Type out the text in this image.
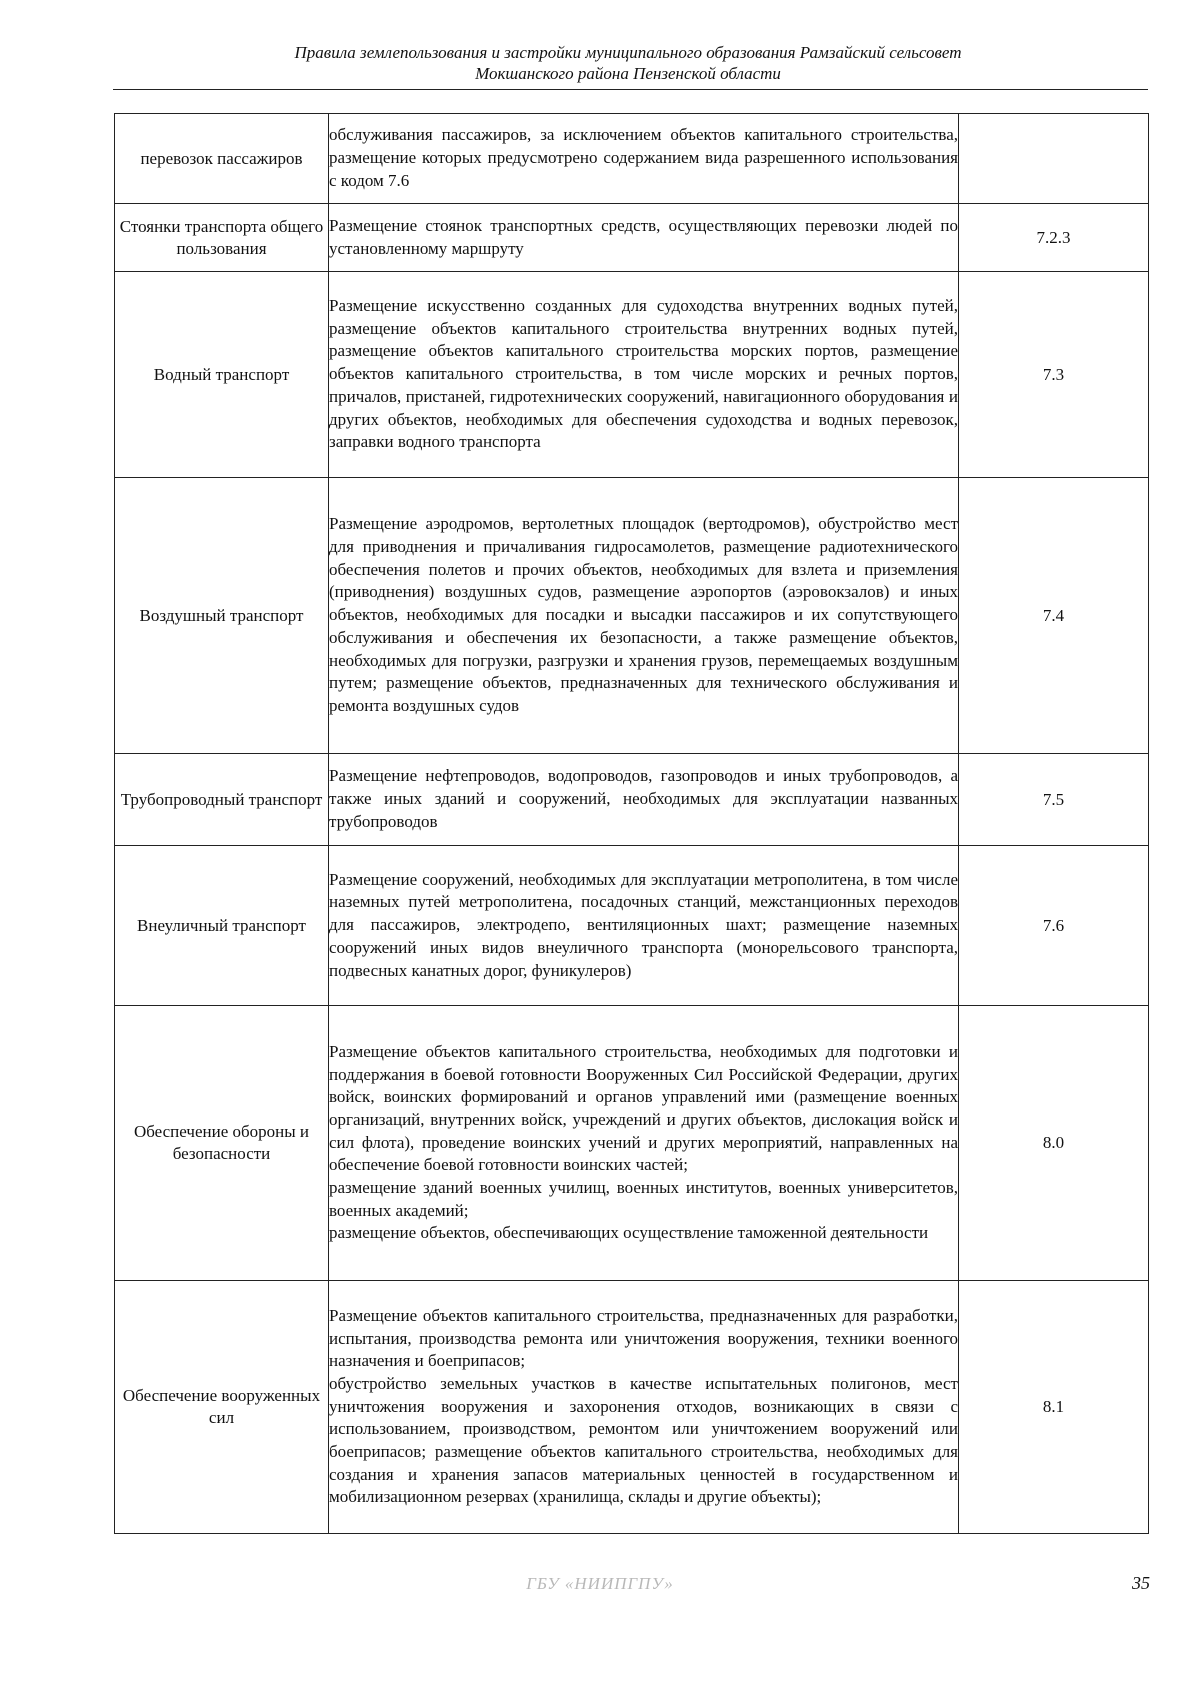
Правила землепользования и застройки муниципального образования Рамзайский сельсовет
Мокшанского района Пензенской области
перевозок пассажиров	обслуживания пассажиров, за исключением объектов капитального строительства, размещение которых предусмотрено содержанием вида разрешенного использования с кодом 7.6	

Стоянки транспорта общего пользования	Размещение стоянок транспортных средств, осуществляющих перевозки людей по установленному маршруту	7.2.3
Водный транспорт	Размещение искусственно созданных для судоходства внутренних водных путей, размещение объектов капитального строительства внутренних водных путей, размещение объектов капитального строительства морских портов, размещение объектов капитального строительства, в том числе морских и речных портов, причалов, пристаней, гидротехнических сооружений, навигационного оборудования и других объектов, необходимых для обеспечения судоходства и водных перевозок, заправки водного транспорта	7.3
Воздушный транспорт	Размещение аэродромов, вертолетных площадок (вертодромов), обустройство мест для приводнения и причаливания гидросамолетов, размещение радиотехнического обеспечения полетов и прочих объектов, необходимых для взлета и приземления (приводнения) воздушных судов, размещение аэропортов (аэровокзалов) и иных объектов, необходимых для посадки и высадки пассажиров и их сопутствующего обслуживания и обеспечения их безопасности, а также размещение объектов, необходимых для погрузки, разгрузки и хранения грузов, перемещаемых воздушным путем; размещение объектов, предназначенных для технического обслуживания и ремонта воздушных судов	7.4
Трубопроводный транспорт	Размещение нефтепроводов, водопроводов, газопроводов и иных трубопроводов, а также иных зданий и сооружений, необходимых для эксплуатации названных трубопроводов	7.5
Внеуличный транспорт	Размещение сооружений, необходимых для эксплуатации метрополитена, в том числе наземных путей метрополитена, посадочных станций, межстанционных переходов для пассажиров, электродепо, вентиляционных шахт; размещение наземных сооружений иных видов внеуличного транспорта (монорельсового транспорта, подвесных канатных дорог, фуникулеров)	7.6
Обеспечение обороны и безопасности	Размещение объектов капитального строительства, необходимых для подготовки и поддержания в боевой готовности Вооруженных Сил Российской Федерации, других войск, воинских формирований и органов управлений ими (размещение военных организаций, внутренних войск, учреждений и других объектов, дислокация войск и сил флота), проведение воинских учений и других мероприятий, направленных на обеспечение боевой готовности воинских частей;
размещение зданий военных училищ, военных институтов, военных университетов, военных академий;
размещение объектов, обеспечивающих осуществление таможенной деятельности	8.0
Обеспечение вооруженных сил	Размещение объектов капитального строительства, предназначенных для разработки, испытания, производства ремонта или уничтожения вооружения, техники военного назначения и боеприпасов;
обустройство земельных участков в качестве испытательных полигонов, мест уничтожения вооружения и захоронения отходов, возникающих в связи с использованием, производством, ремонтом или уничтожением вооружений или боеприпасов; размещение объектов капитального строительства, необходимых для создания и хранения запасов материальных ценностей в государственном и мобилизационном резервах (хранилища, склады и другие объекты);	8.1
ГБУ «НИИПГПУ»	35
